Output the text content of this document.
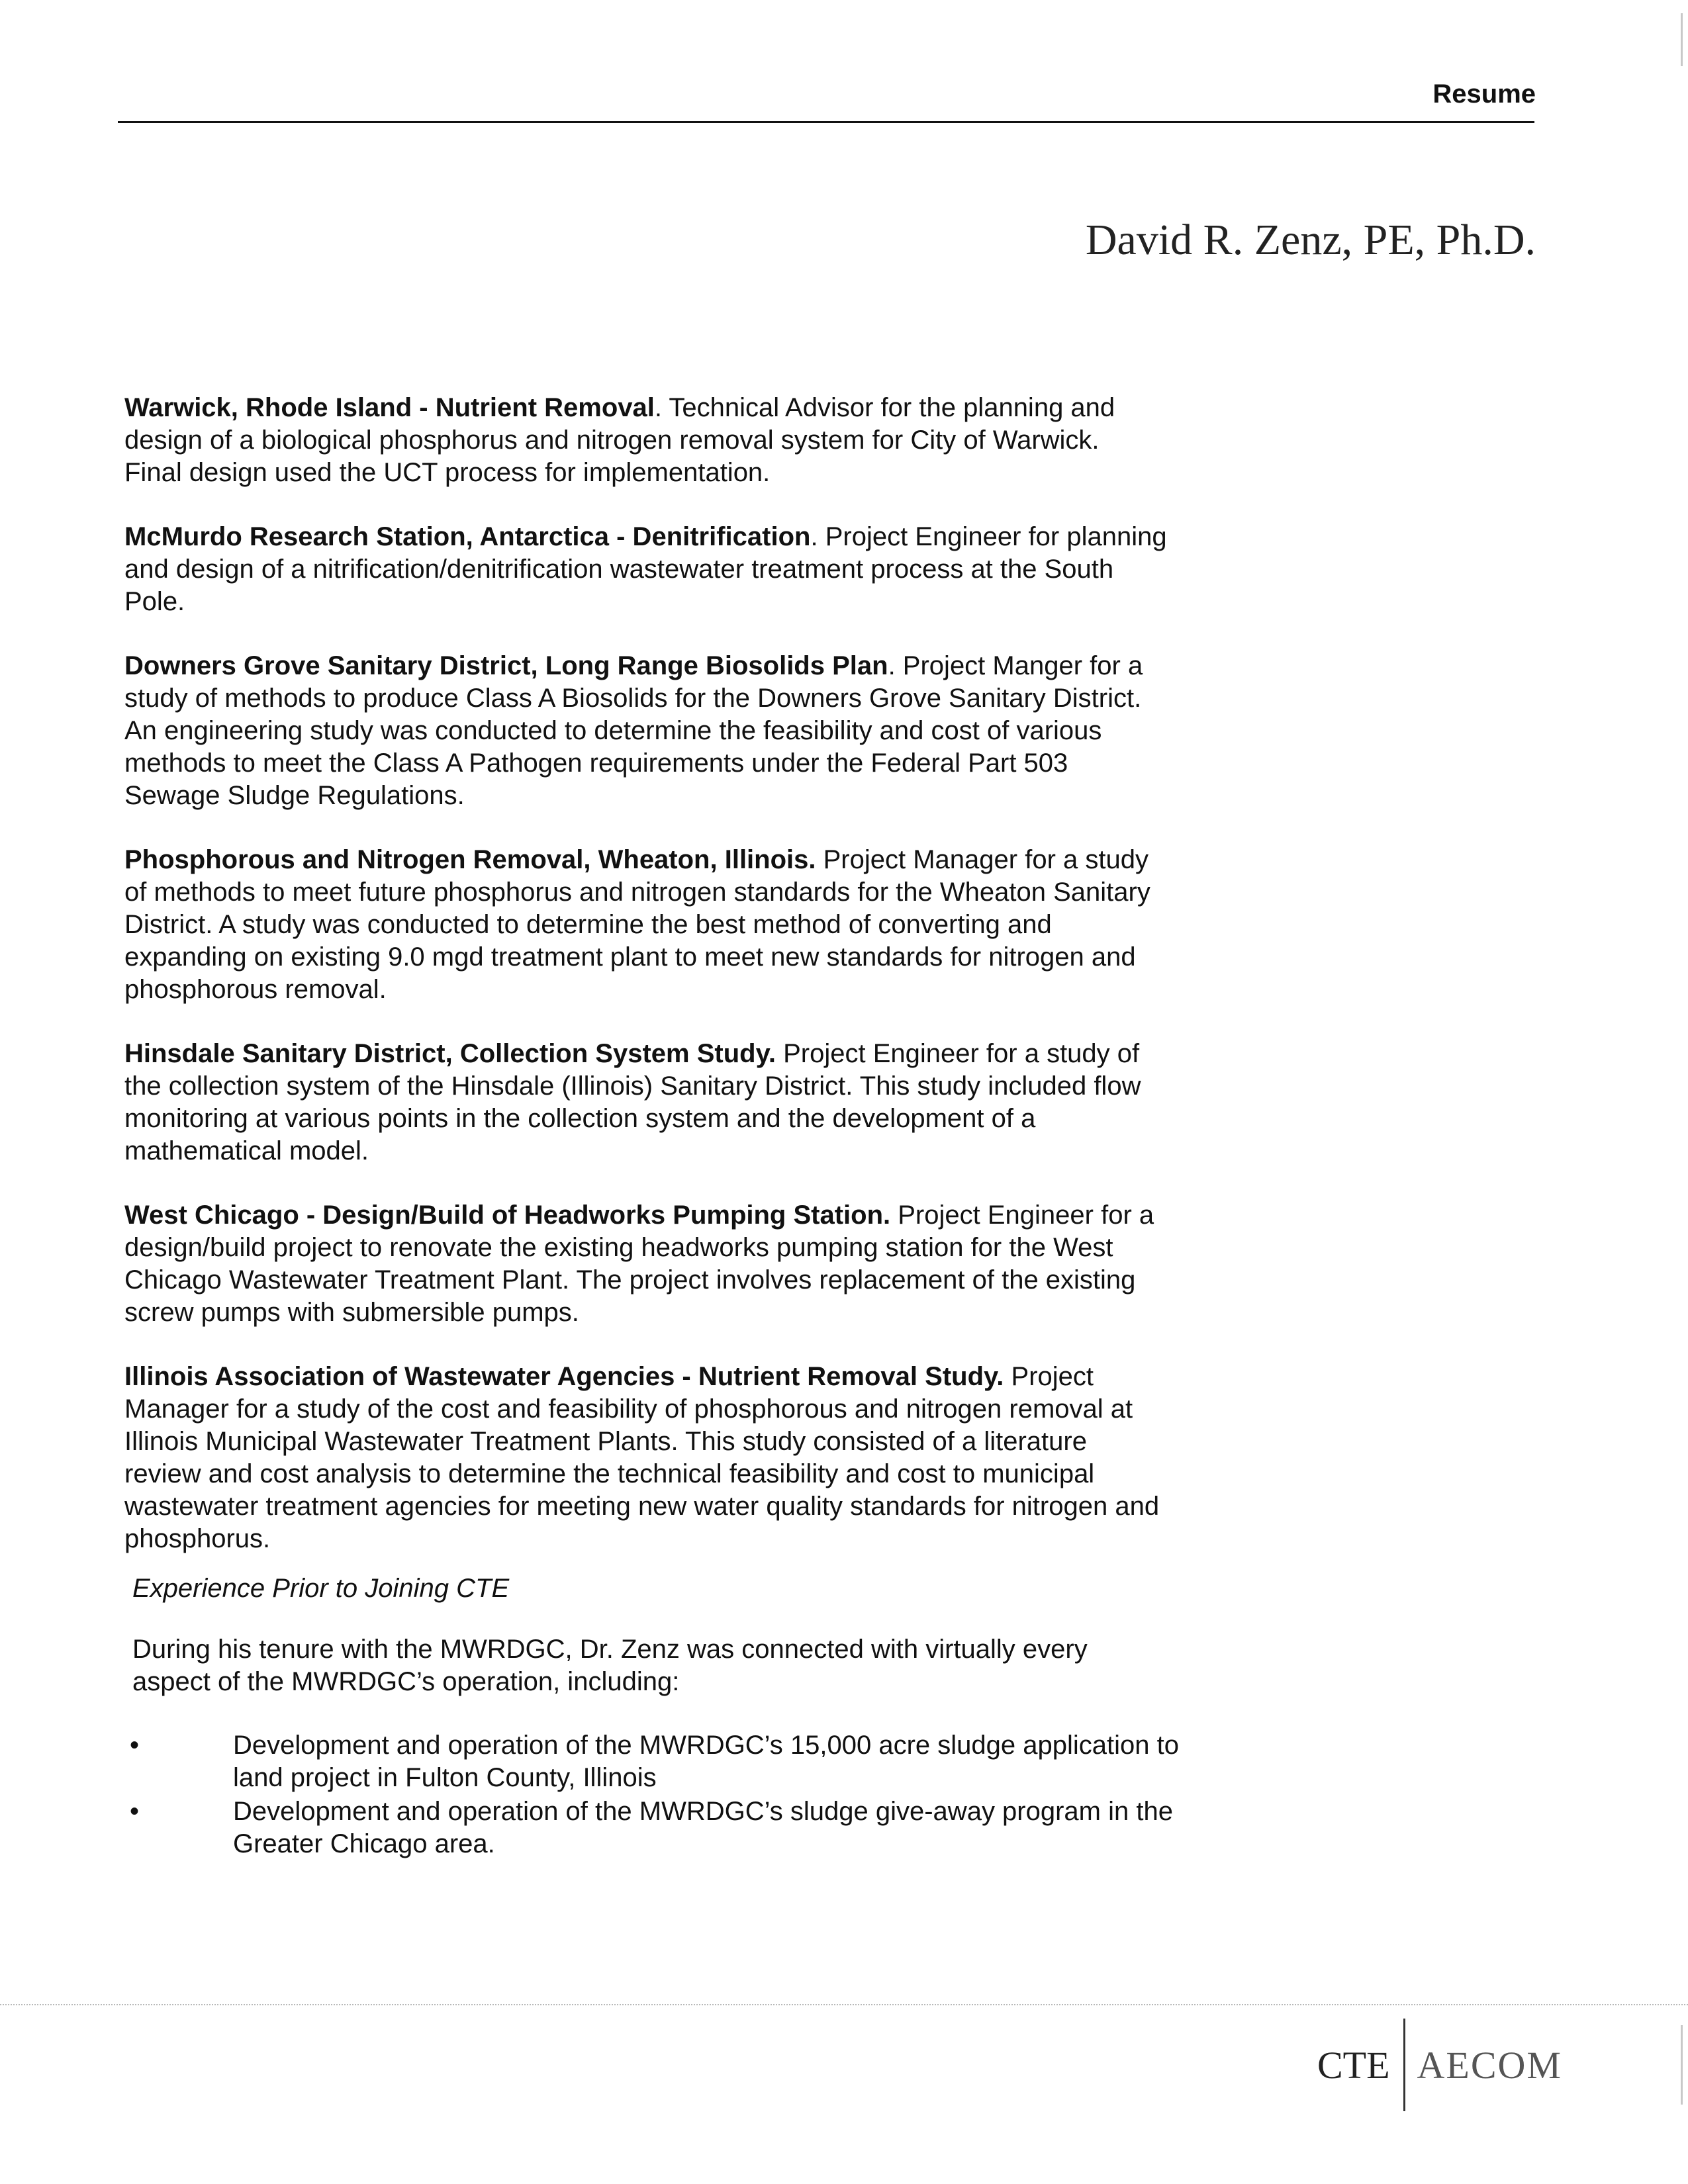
Resume
David R. Zenz, PE, Ph.D.

Warwick, Rhode Island - Nutrient Removal. Technical Advisor for the planning and design of a biological phosphorus and nitrogen removal system for City of Warwick. Final design used the UCT process for implementation.

McMurdo Research Station, Antarctica - Denitrification. Project Engineer for planning and design of a nitrification/denitrification wastewater treatment process at the South Pole.

Downers Grove Sanitary District, Long Range Biosolids Plan. Project Manger for a study of methods to produce Class A Biosolids for the Downers Grove Sanitary District. An engineering study was conducted to determine the feasibility and cost of various methods to meet the Class A Pathogen requirements under the Federal Part 503 Sewage Sludge Regulations.

Phosphorous and Nitrogen Removal, Wheaton, Illinois. Project Manager for a study of methods to meet future phosphorus and nitrogen standards for the Wheaton Sanitary District. A study was conducted to determine the best method of converting and expanding on existing 9.0 mgd treatment plant to meet new standards for nitrogen and phosphorous removal.

Hinsdale Sanitary District, Collection System Study. Project Engineer for a study of the collection system of the Hinsdale (Illinois) Sanitary District. This study included flow monitoring at various points in the collection system and the development of a mathematical model.

West Chicago - Design/Build of Headworks Pumping Station. Project Engineer for a design/build project to renovate the existing headworks pumping station for the West Chicago Wastewater Treatment Plant. The project involves replacement of the existing screw pumps with submersible pumps.

Illinois Association of Wastewater Agencies - Nutrient Removal Study. Project Manager for a study of the cost and feasibility of phosphorous and nitrogen removal at Illinois Municipal Wastewater Treatment Plants. This study consisted of a literature review and cost analysis to determine the technical feasibility and cost to municipal wastewater treatment agencies for meeting new water quality standards for nitrogen and phosphorus.

Experience Prior to Joining CTE
During his tenure with the MWRDGC, Dr. Zenz was connected with virtually every aspect of the MWRDGC’s operation, including:
•	Development and operation of the MWRDGC’s 15,000 acre sludge application to land project in Fulton County, Illinois
•	Development and operation of the MWRDGC’s sludge give-away program in the Greater Chicago area.
CTE AECOM
